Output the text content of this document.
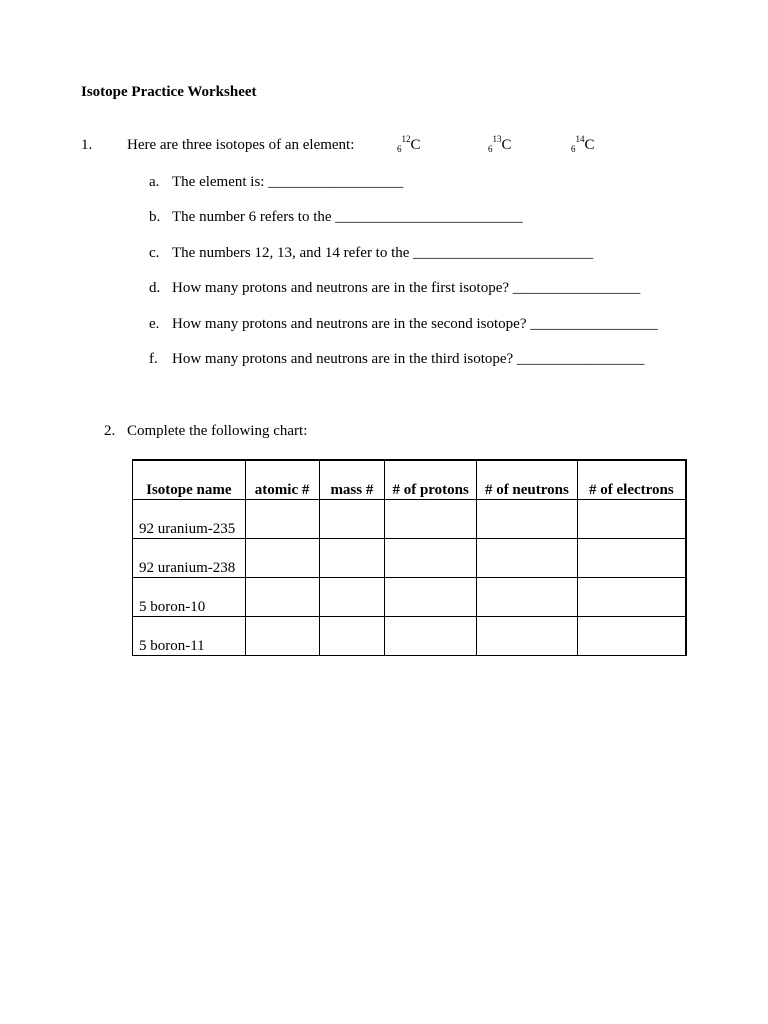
Isotope Practice Worksheet
1. Here are three isotopes of an element:	$_6^{12}$C	$_6^{13}$C	$_6^{14}$C
a. The element is: __________________
b. The number 6 refers to the _________________________
c. The numbers 12, 13, and 14 refer to the ________________________
d. How many protons and neutrons are in the first isotope? _________________
e. How many protons and neutrons are in the second isotope? _________________
f. How many protons and neutrons are in the third isotope? _________________
2. Complete the following chart:
Isotope name	atomic #	mass #	# of protons	# of neutrons	# of electrons
92 uranium-235					
92 uranium-238					
5 boron-10					
5 boron-11					
